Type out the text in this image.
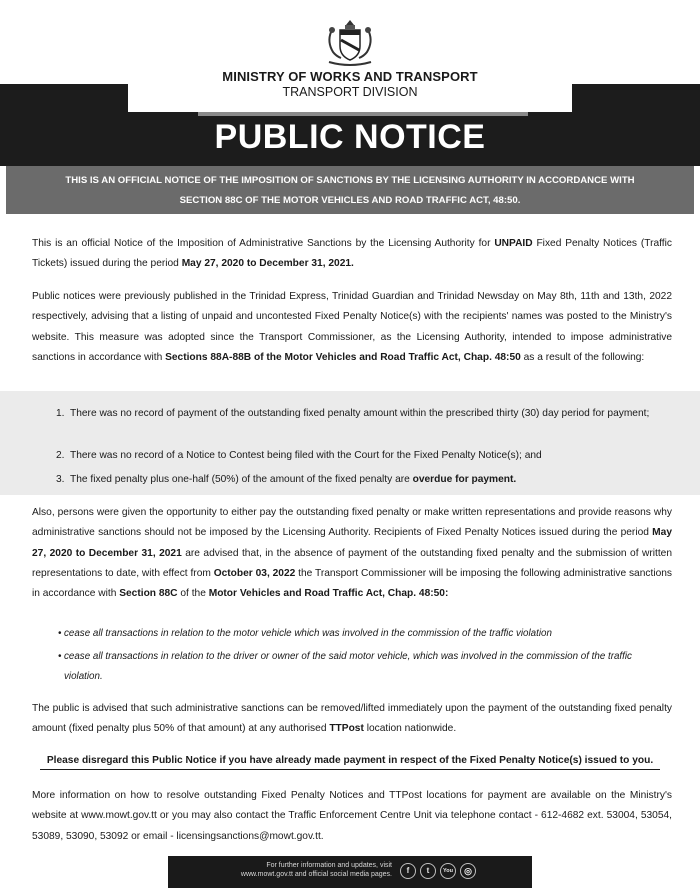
MINISTRY OF WORKS AND TRANSPORT
TRANSPORT DIVISION
PUBLIC NOTICE
THIS IS AN OFFICIAL NOTICE OF THE IMPOSITION OF SANCTIONS BY THE LICENSING AUTHORITY IN ACCORDANCE WITH
SECTION 88C OF THE MOTOR VEHICLES AND ROAD TRAFFIC ACT, 48:50.
This is an official Notice of the Imposition of Administrative Sanctions by the Licensing Authority for UNPAID Fixed Penalty Notices (Traffic Tickets) issued during the period May 27, 2020 to December 31, 2021.
Public notices were previously published in the Trinidad Express, Trinidad Guardian and Trinidad Newsday on May 8th, 11th and 13th, 2022 respectively, advising that a listing of unpaid and uncontested Fixed Penalty Notice(s) with the recipients' names was posted to the Ministry's website. This measure was adopted since the Transport Commissioner, as the Licensing Authority, intended to impose administrative sanctions in accordance with Sections 88A-88B of the Motor Vehicles and Road Traffic Act, Chap. 48:50 as a result of the following:
1. There was no record of payment of the outstanding fixed penalty amount within the prescribed thirty (30) day period for payment;
2. There was no record of a Notice to Contest being filed with the Court for the Fixed Penalty Notice(s); and
3. The fixed penalty plus one-half (50%) of the amount of the fixed penalty are overdue for payment.
Also, persons were given the opportunity to either pay the outstanding fixed penalty or make written representations and provide reasons why administrative sanctions should not be imposed by the Licensing Authority. Recipients of Fixed Penalty Notices issued during the period May 27, 2020 to December 31, 2021 are advised that, in the absence of payment of the outstanding fixed penalty and the submission of written representations to date, with effect from October 03, 2022 the Transport Commissioner will be imposing the following administrative sanctions in accordance with Section 88C of the Motor Vehicles and Road Traffic Act, Chap. 48:50:
• cease all transactions in relation to the motor vehicle which was involved in the commission of the traffic violation
• cease all transactions in relation to the driver or owner of the said motor vehicle, which was involved in the commission of the traffic violation.
The public is advised that such administrative sanctions can be removed/lifted immediately upon the payment of the outstanding fixed penalty amount (fixed penalty plus 50% of that amount) at any authorised TTPost location nationwide.
Please disregard this Public Notice if you have already made payment in respect of the Fixed Penalty Notice(s) issued to you.
More information on how to resolve outstanding Fixed Penalty Notices and TTPost locations for payment are available on the Ministry's website at www.mowt.gov.tt or you may also contact the Traffic Enforcement Centre Unit via telephone contact - 612-4682 ext. 53004, 53054, 53089, 53090, 53092 or email - licensingsanctions@mowt.gov.tt.
For further information and updates, visit
www.mowt.gov.tt and official social media pages.	f	t	You	◎
